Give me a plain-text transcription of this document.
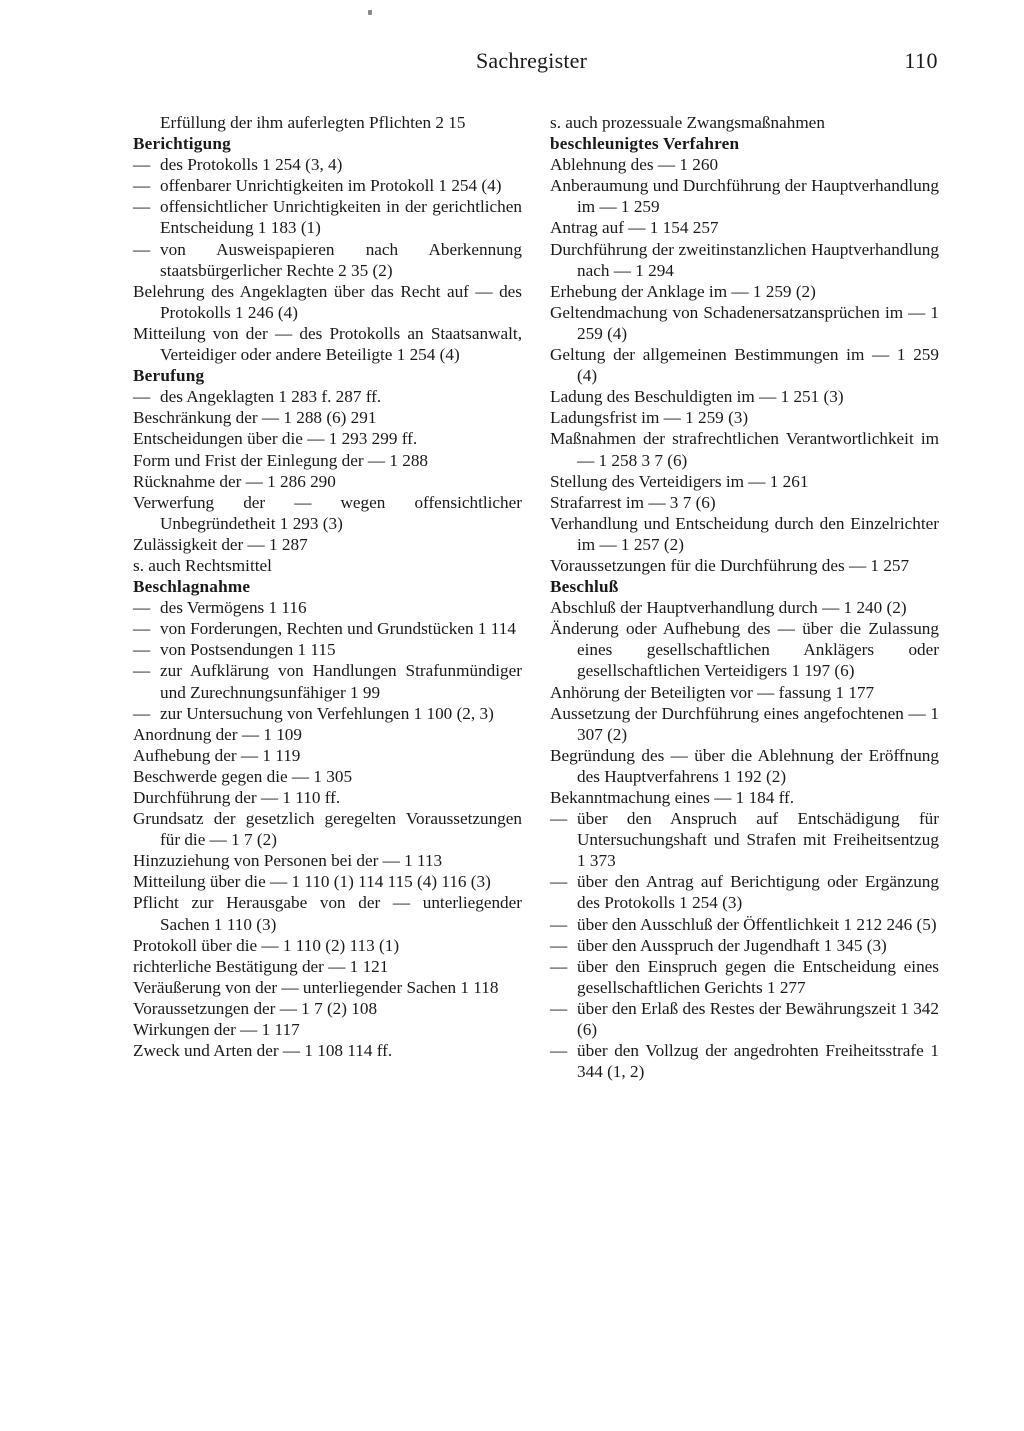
Sachregister	110

Erfüllung der ihm auferlegten Pflichten 2 15

Berichtigung

— des Protokolls 1 254 (3, 4)

— offenbarer Unrichtigkeiten im Protokoll 1 254 (4)

— offensichtlicher Unrichtigkeiten in der gerichtlichen Entscheidung 1 183 (1)

— von Ausweispapieren nach Aberkennung staatsbürgerlicher Rechte 2 35 (2)

Belehrung des Angeklagten über das Recht auf — des Protokolls 1 246 (4)

Mitteilung von der — des Protokolls an Staatsanwalt, Verteidiger oder andere Beteiligte 1 254 (4)

Berufung

— des Angeklagten 1 283 f. 287 ff.

Beschränkung der — 1 288 (6) 291

Entscheidungen über die — 1 293 299 ff.

Form und Frist der Einlegung der — 1 288

Rücknahme der — 1 286 290

Verwerfung der — wegen offensichtlicher Unbegründetheit 1 293 (3)

Zulässigkeit der — 1 287

s. auch Rechtsmittel

Beschlagnahme

— des Vermögens 1 116

— von Forderungen, Rechten und Grundstücken 1 114

— von Postsendungen 1 115

— zur Aufklärung von Handlungen Strafunmündiger und Zurechnungsunfähiger 1 99

— zur Untersuchung von Verfehlungen 1 100 (2, 3)

Anordnung der — 1 109

Aufhebung der — 1 119

Beschwerde gegen die — 1 305

Durchführung der — 1 110 ff.

Grundsatz der gesetzlich geregelten Voraussetzungen für die — 1 7 (2)

Hinzuziehung von Personen bei der — 1 113

Mitteilung über die — 1 110 (1) 114 115 (4) 116 (3)

Pflicht zur Herausgabe von der — unterliegender Sachen 1 110 (3)

Protokoll über die — 1 110 (2) 113 (1)

richterliche Bestätigung der — 1 121

Veräußerung von der — unterliegender Sachen 1 118

Voraussetzungen der — 1 7 (2) 108

Wirkungen der — 1 117

Zweck und Arten der — 1 108 114 ff.

s. auch prozessuale Zwangsmaßnahmen

beschleunigtes Verfahren

Ablehnung des — 1 260

Anberaumung und Durchführung der Hauptverhandlung im — 1 259

Antrag auf — 1 154 257

Durchführung der zweitinstanzlichen Hauptverhandlung nach — 1 294

Erhebung der Anklage im — 1 259 (2)

Geltendmachung von Schadenersatzansprüchen im — 1 259 (4)

Geltung der allgemeinen Bestimmungen im — 1 259 (4)

Ladung des Beschuldigten im — 1 251 (3)

Ladungsfrist im — 1 259 (3)

Maßnahmen der strafrechtlichen Verantwortlichkeit im — 1 258 3 7 (6)

Stellung des Verteidigers im — 1 261

Strafarrest im — 3 7 (6)

Verhandlung und Entscheidung durch den Einzelrichter im — 1 257 (2)

Voraussetzungen für die Durchführung des — 1 257

Beschluß

Abschluß der Hauptverhandlung durch — 1 240 (2)

Änderung oder Aufhebung des — über die Zulassung eines gesellschaftlichen Anklägers oder gesellschaftlichen Verteidigers 1 197 (6)

Anhörung der Beteiligten vor — fassung 1 177

Aussetzung der Durchführung eines angefochtenen — 1 307 (2)

Begründung des — über die Ablehnung der Eröffnung des Hauptverfahrens 1 192 (2)

Bekanntmachung eines — 1 184 ff.

— über den Anspruch auf Entschädigung für Untersuchungshaft und Strafen mit Freiheitsentzug 1 373

— über den Antrag auf Berichtigung oder Ergänzung des Protokolls 1 254 (3)

— über den Ausschluß der Öffentlichkeit 1 212 246 (5)

— über den Ausspruch der Jugendhaft 1 345 (3)

— über den Einspruch gegen die Entscheidung eines gesellschaftlichen Gerichts 1 277

— über den Erlaß des Restes der Bewährungszeit 1 342 (6)

— über den Vollzug der angedrohten Freiheitsstrafe 1 344 (1, 2)
